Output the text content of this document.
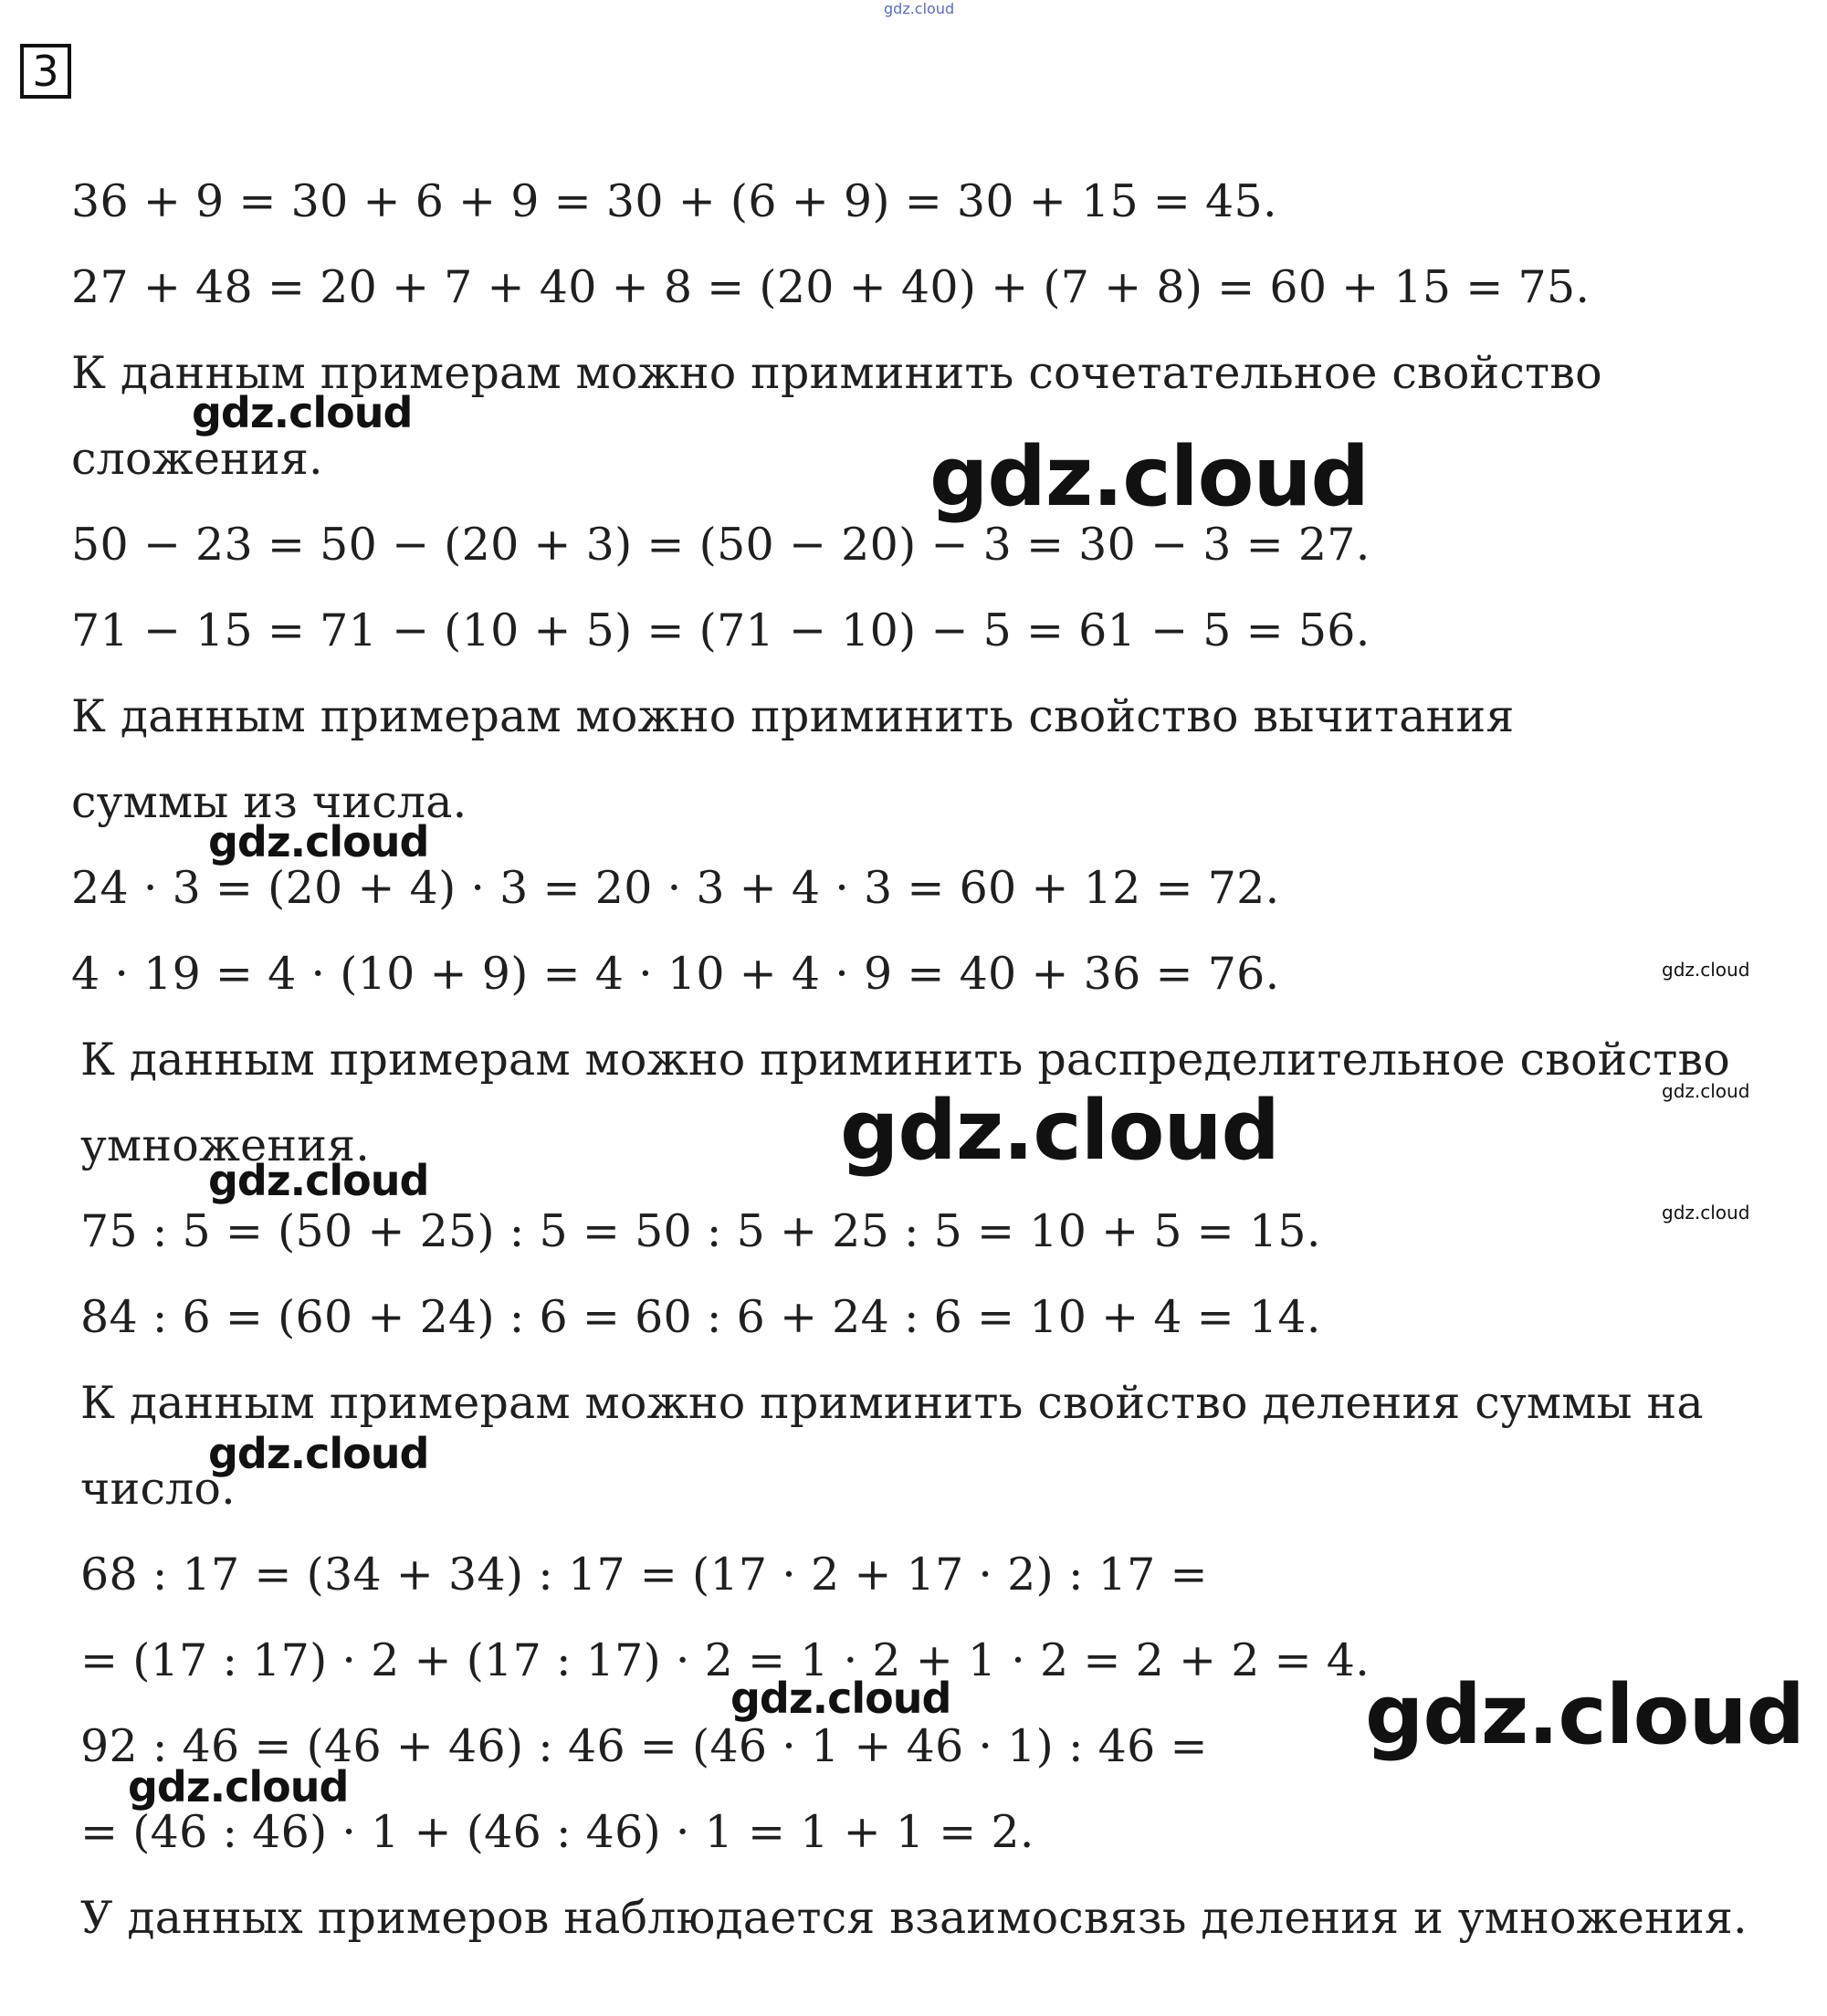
3

36 + 9 = 30 + 6 + 9 = 30 + (6 + 9) = 30 + 15 = 45.

27 + 48 = 20 + 7 + 40 + 8 = (20 + 40) + (7 + 8) = 60 + 15 = 75.

К данным примерам можно приминить сочетательное свойство

сложения.

50 − 23 = 50 − (20 + 3) = (50 − 20) − 3 = 30 − 3 = 27.

71 − 15 = 71 − (10 + 5) = (71 − 10) − 5 = 61 − 5 = 56.

К данным примерам можно приминить свойство вычитания

суммы из числа.

24 · 3 = (20 + 4) · 3 = 20 · 3 + 4 · 3 = 60 + 12 = 72.

4 · 19 = 4 · (10 + 9) = 4 · 10 + 4 · 9 = 40 + 36 = 76.

К данным примерам можно приминить распределительное свойство

умножения.

75 : 5 = (50 + 25) : 5 = 50 : 5 + 25 : 5 = 10 + 5 = 15.

84 : 6 = (60 + 24) : 6 = 60 : 6 + 24 : 6 = 10 + 4 = 14.

К данным примерам можно приминить свойство деления суммы на

число.

68 : 17 = (34 + 34) : 17 = (17 · 2 + 17 · 2) : 17 =

= (17 : 17) · 2 + (17 : 17) · 2 = 1 · 2 + 1 · 2 = 2 + 2 = 4.

92 : 46 = (46 + 46) : 46 = (46 · 1 + 46 · 1) : 46 =

= (46 : 46) · 1 + (46 : 46) · 1 = 1 + 1 = 2.

У данных примеров наблюдается взаимосвязь деления и умножения.

gdz.cloud
gdz.cloud
gdz.cloud
gdz.cloud
gdz.cloud
gdz.cloud
gdz.cloud
gdz.cloud
gdz.cloud
gdz.cloud
gdz.cloud	gdz.cloud
gdz.cloud
